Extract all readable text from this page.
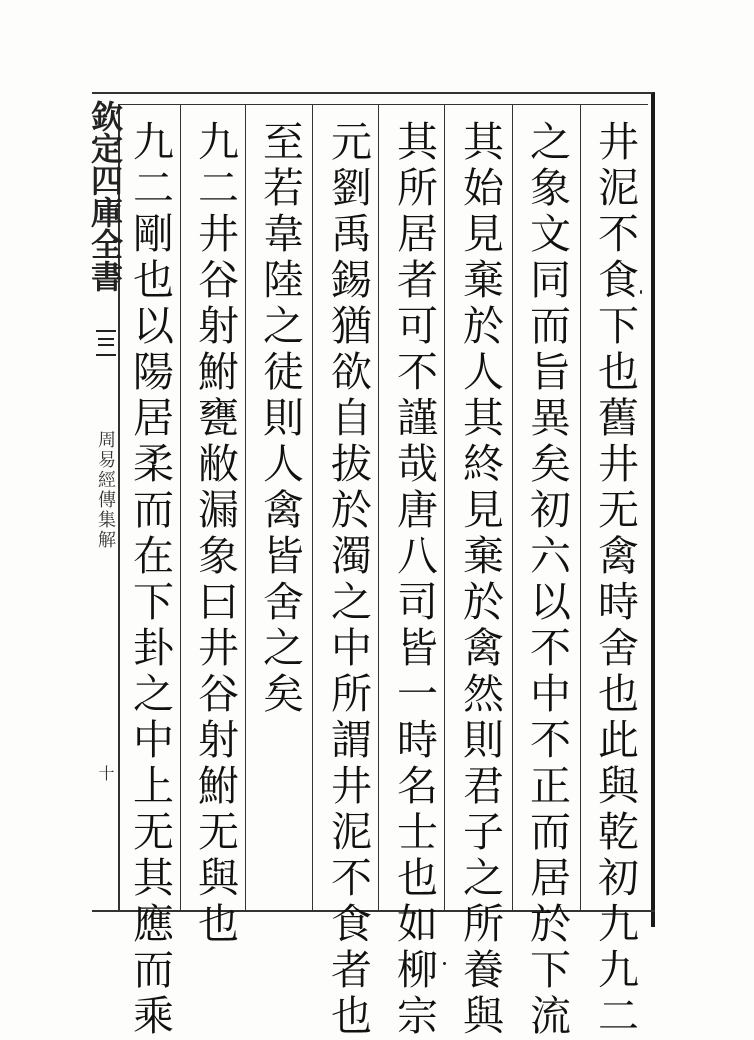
欽定四庫全書
周易經傳集解
十	井泥不食下也舊井无禽時舍也此與乾初九九二
之象文同而旨異矣初六以不中不正而居於下流
其始見棄於人其終見棄於禽然則君子之所養與
其所居者可不謹哉唐八司皆一時名士也如柳宗
元劉禹錫猶欲自拔於濁之中所謂井泥不食者也
至若韋陸之徒則人禽皆舍之矣
九二井谷射鮒甕敝漏象曰井谷射鮒无與也
九二剛也以陽居柔而在下卦之中上无其應而乘
